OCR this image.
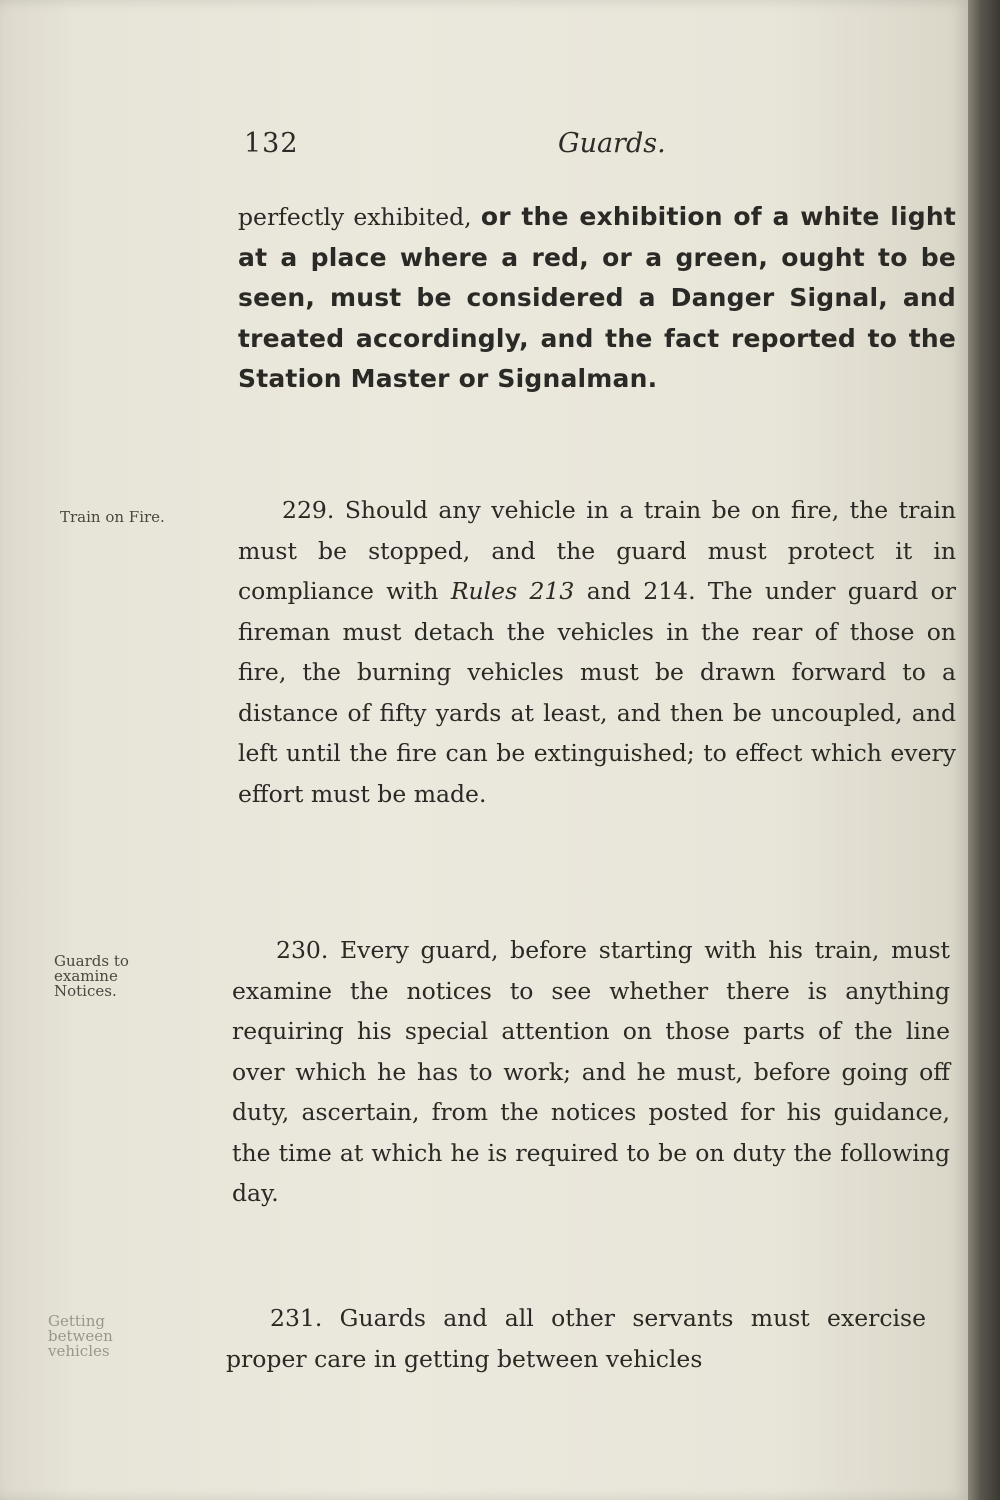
132	Guards.
perfectly exhibited, or the exhibition of a white light at a place where a red, or a green, ought to be seen, must be considered a Danger Signal, and treated accordingly, and the fact reported to the Station Master or Signalman.
Train on Fire.	229. Should any vehicle in a train be on fire, the train must be stopped, and the guard must protect it in compliance with Rules 213 and 214. The under guard or fireman must detach the vehicles in the rear of those on fire, the burning vehicles must be drawn forward to a distance of fifty yards at least, and then be uncoupled, and left until the fire can be extinguished; to effect which every effort must be made.
Guards to
examine
Notices.
230. Every guard, before starting with his train, must examine the notices to see whether there is anything requiring his special attention on those parts of the line over which he has to work; and he must, before going off duty, ascertain, from the notices posted for his guidance, the time at which he is required to be on duty the following day.
Getting
between
vehicles
231. Guards and all other servants must exercise proper care in getting between vehicles
